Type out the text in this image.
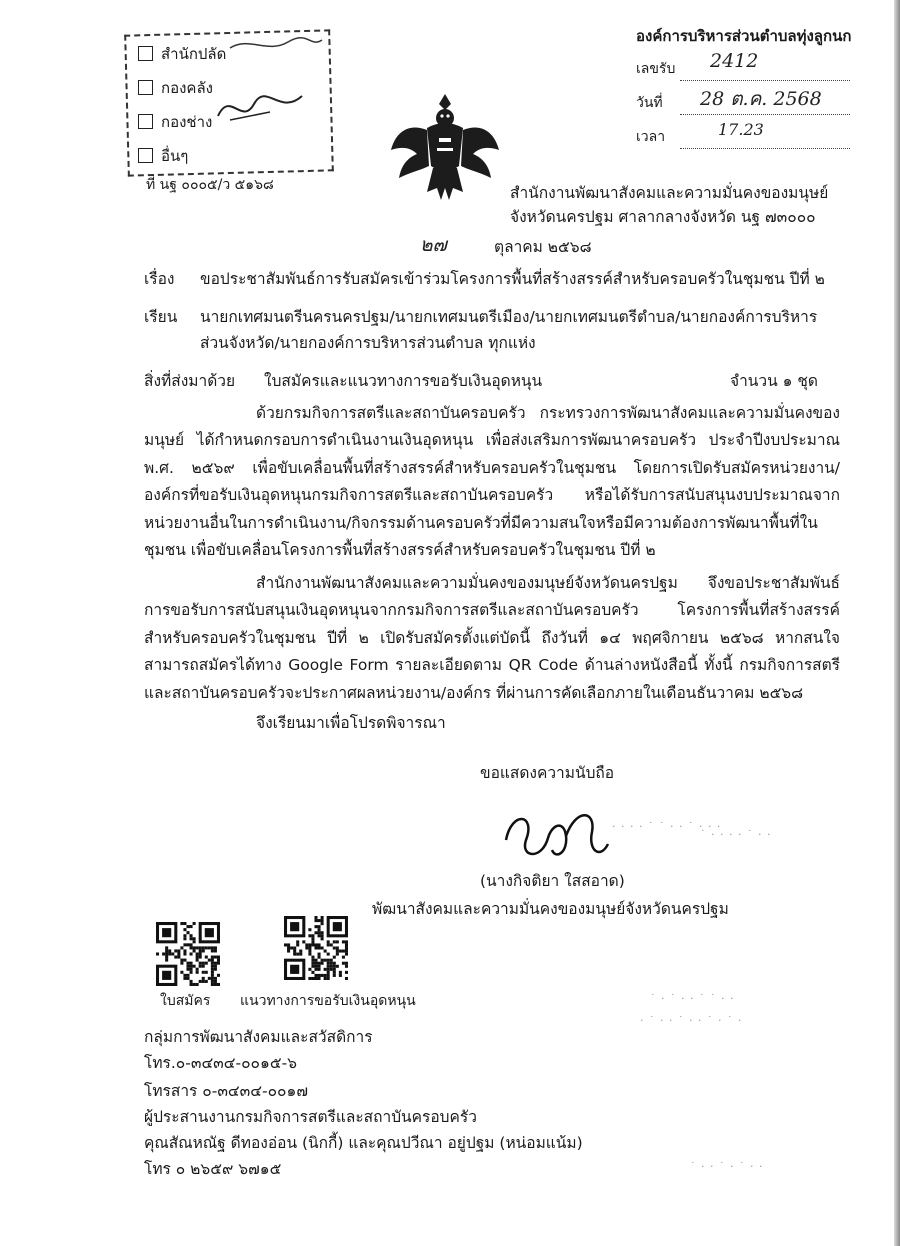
สำนักปลัด
กองคลัง
กองช่าง
อื่นๆ
ที่ นฐ ๐๐๐๕/ว ๕๑๖๘
องค์การบริหารส่วนตำบลทุ่งลูกนก
เลขรับ 2412
วันที่ 28 ต.ค. 2568
เวลา	17.23
สำนักงานพัฒนาสังคมและความมั่นคงของมนุษย์
จังหวัดนครปฐม ศาลากลางจังหวัด นฐ ๗๓๐๐๐
๒๗	ตุลาคม ๒๕๖๘
เรื่อง ขอประชาสัมพันธ์การรับสมัครเข้าร่วมโครงการพื้นที่สร้างสรรค์สำหรับครอบครัวในชุมชน ปีที่ ๒
เรียน นายกเทศมนตรีนครนครปฐม/นายกเทศมนตรีเมือง/นายกเทศมนตรีตำบล/นายกองค์การบริหาร
ส่วนจังหวัด/นายกองค์การบริหารส่วนตำบล ทุกแห่ง
สิ่งที่ส่งมาด้วย ใบสมัครและแนวทางการขอรับเงินอุดหนุน	จำนวน ๑ ชุด
ด้วยกรมกิจการสตรีและสถาบันครอบครัว กระทรวงการพัฒนาสังคมและความมั่นคงของมนุษย์ ได้กำหนดกรอบการดำเนินงานเงินอุดหนุน เพื่อส่งเสริมการพัฒนาครอบครัว ประจำปีงบประมาณ พ.ศ. ๒๕๖๙ เพื่อขับเคลื่อนพื้นที่สร้างสรรค์สำหรับครอบครัวในชุมชน โดยการเปิดรับสมัครหน่วยงาน/องค์กรที่ขอรับเงินอุดหนุนกรมกิจการสตรีและสถาบันครอบครัว หรือได้รับการสนับสนุนงบประมาณจากหน่วยงานอื่นในการดำเนินงาน/กิจกรรมด้านครอบครัวที่มีความสนใจหรือมีความต้องการพัฒนาพื้นที่ในชุมชน เพื่อขับเคลื่อนโครงการพื้นที่สร้างสรรค์สำหรับครอบครัวในชุมชน ปีที่ ๒
สำนักงานพัฒนาสังคมและความมั่นคงของมนุษย์จังหวัดนครปฐม จึงขอประชาสัมพันธ์การขอรับการสนับสนุนเงินอุดหนุนจากกรมกิจการสตรีและสถาบันครอบครัว โครงการพื้นที่สร้างสรรค์สำหรับครอบครัวในชุมชน ปีที่ ๒ เปิดรับสมัครตั้งแต่บัดนี้ ถึงวันที่ ๑๔ พฤศจิกายน ๒๕๖๘ หากสนใจสามารถสมัครได้ทาง Google Form รายละเอียดตาม QR Code ด้านล่างหนังสือนี้ ทั้งนี้ กรมกิจการสตรีและสถาบันครอบครัวจะประกาศผลหน่วยงาน/องค์กร ที่ผ่านการคัดเลือกภายในเดือนธันวาคม ๒๕๖๘
จึงเรียนมาเพื่อโปรดพิจารณา
ขอแสดงความนับถือ
(นางกิจติยา ใสสอาด)
พัฒนาสังคมและความมั่นคงของมนุษย์จังหวัดนครปฐม
ใบสมัคร แนวทางการขอรับเงินอุดหนุน
กลุ่มการพัฒนาสังคมและสวัสดิการ
โทร.๐-๓๔๓๔-๐๐๑๕-๖
โทรสาร ๐-๓๔๓๔-๐๐๑๗
ผู้ประสานงานกรมกิจการสตรีและสถาบันครอบครัว
คุณสัณหณัฐ ดีทองอ่อน (นิกกี้) และคุณปวีณา อยู่ปฐม (หน่อมแน้ม)
โทร ๐ ๒๖๕๙ ๖๗๑๕
· · · · ˙ ˙ · · ˙ · · ·
˙ · · · · ˙ · ·
˙ · ˙ · · ˙ ˙ · ·
· ˙ · · ˙ · · ˙ · ˙ ·
˙ · · ˙ · ˙ · ·
